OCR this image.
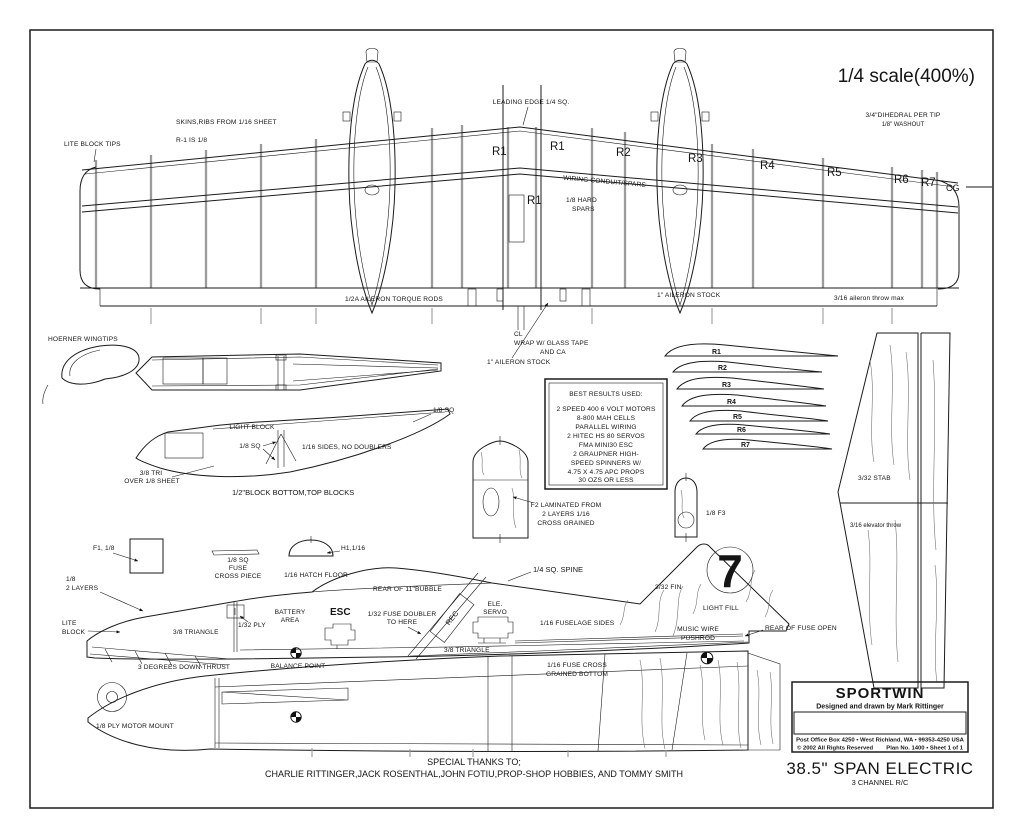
SKINS,RIBS FROM 1/16 SHEET
R-1 IS 1/8
LITE BLOCK TIPS
LEADING EDGE 1/4 SQ.
1/4 scale(400%)
3/4"DIHEDRAL PER TIP
1/8" WASHOUT
R1	R1	R2	R3
R4
R5
R6 R7 CG
WIRING CONDUIT/SPARS
R1	1/8 HARD
SPARS
1/2A AILERON TORQUE RODS
1" AILERON STOCK	3/16 aileron throw max
CL
WRAP W/ GLASS TAPE
AND CA
1" AILERON STOCK
HOERNER WINGTIPS
LIGHT BLOCK
1/8 SQ
1/8 SQ	1/16 SIDES, NO DOUBLERS
3/8 TRI
OVER 1/8 SHEET
1/2"BLOCK BOTTOM,TOP BLOCKS
BEST RESULTS USED:
2 SPEED 400 6 VOLT MOTORS
8-800 MAH CELLS
PARALLEL WIRING
2 HITEC HS 80 SERVOS
FMA MINI30 ESC
2 GRAUPNER HIGH-
SPEED SPINNERS W/
4.75 X 4.75 APC PROPS
30 OZS OR LESS
F2 LAMINATED FROM
2 LAYERS 1/16
CROSS GRAINED
1/8 F3
F1, 1/8
1/8 SQ
FUSE
CROSS PIECE
H1,1/16
1/16 HATCH FLOOR
REC
7
1/8
2 LAYERS
LITE
BLOCK	3/8 TRIANGLE
1/32 PLY
BATTERY
AREA
ESC
REAR OF 11"BUBBLE
1/32 FUSE DOUBLER
TO HERE
ELE.
SERVO
1/4 SQ. SPINE
1/16 FUSELAGE SIDES
3/8 TRIANGLE
3/32 FIN
LIGHT FILL
MUSIC WIRE
PUSHROD
REAR OF FUSE OPEN
3 DEGREES DOWN THRUST	BALANCE POINT	1/16 FUSE CROSS
GRAINED BOTTOM
1/8 PLY MOTOR MOUNT
R1
R2
R3
R4
R5
R6
R7
3/32 STAB
3/16 elevator throw
SPORTWIN
Designed and drawn by Mark Rittinger
Kiona Publishing, Inc.
Post Office Box 4250 • West Richland, WA • 99353-4250 USA
© 2002 All Rights Reserved Plan No. 1400 • Sheet 1 of 1
38.5" SPAN ELECTRIC
3 CHANNEL R/C
SPECIAL THANKS TO;
CHARLIE RITTINGER,JACK ROSENTHAL,JOHN FOTIU,PROP-SHOP HOBBIES, AND TOMMY SMITH
